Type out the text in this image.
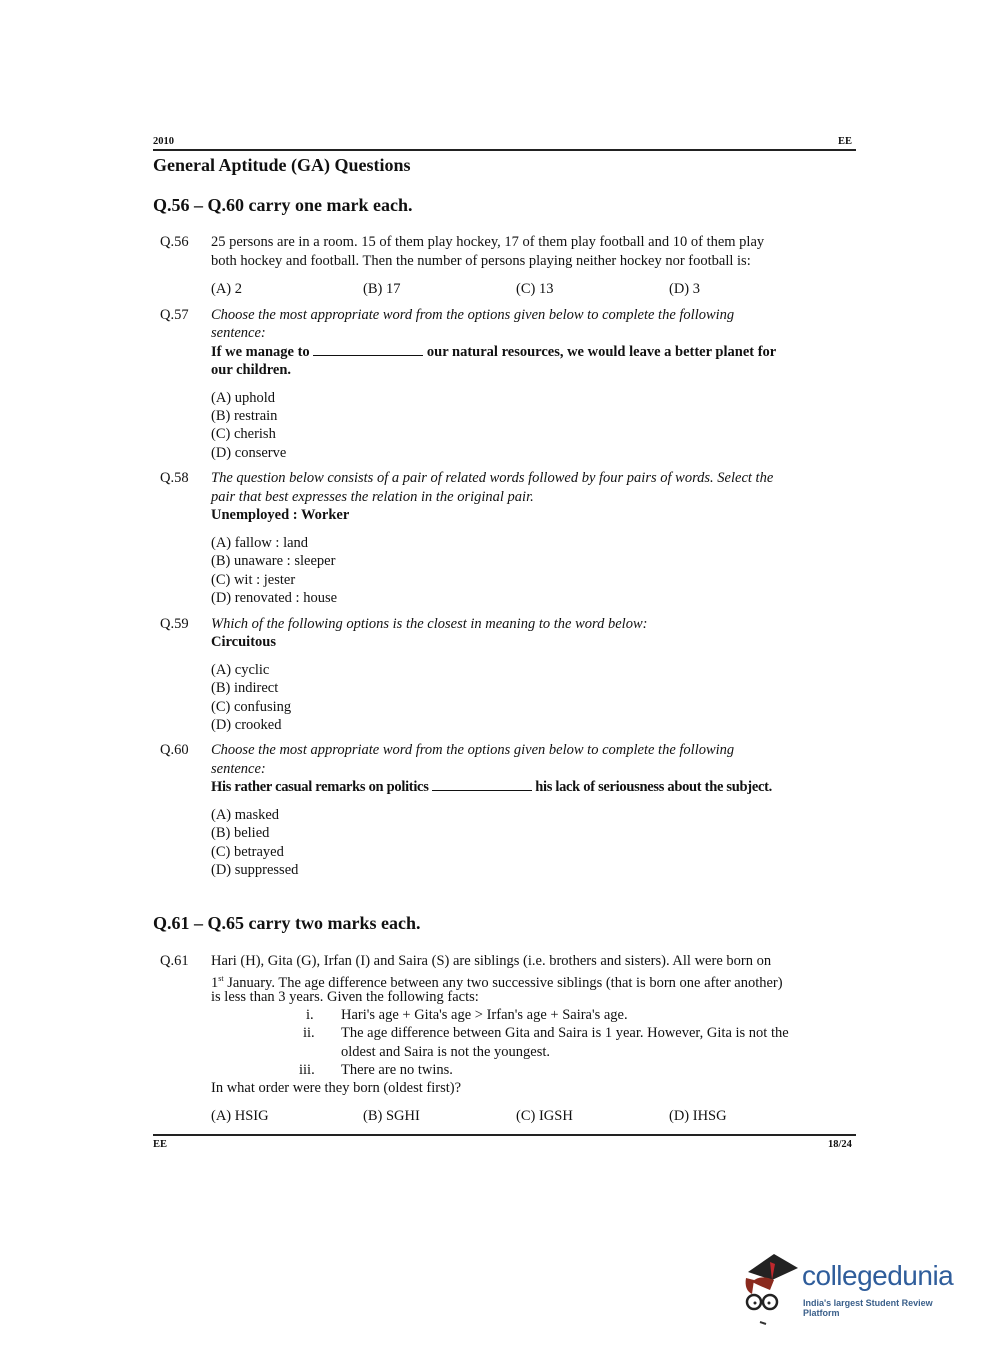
2010	EE
General Aptitude (GA) Questions
Q.56 – Q.60 carry one mark each.
Q.56 25 persons are in a room. 15 of them play hockey, 17 of them play football and 10 of them play
both hockey and football. Then the number of persons playing neither hockey nor football is:
(A) 2	(B) 17	(C) 13	(D) 3
Q.57 Choose the most appropriate word from the options given below to complete the following
sentence:
If we manage to	our natural resources, we would leave a better planet for
our children.
(A) uphold
(B) restrain
(C) cherish
(D) conserve
Q.58 The question below consists of a pair of related words followed by four pairs of words. Select the
pair that best expresses the relation in the original pair.
Unemployed : Worker
(A) fallow : land
(B) unaware : sleeper
(C) wit : jester
(D) renovated : house
Q.59 Which of the following options is the closest in meaning to the word below:
Circuitous
(A) cyclic
(B) indirect
(C) confusing
(D) crooked
Q.60 Choose the most appropriate word from the options given below to complete the following
sentence:
His rather casual remarks on politics	his lack of seriousness about the subject.
(A) masked
(B) belied
(C) betrayed
(D) suppressed
Q.61 – Q.65 carry two marks each.
Q.61 Hari (H), Gita (G), Irfan (I) and Saira (S) are siblings (i.e. brothers and sisters). All were born on
1st January. The age difference between any two successive siblings (that is born one after another)
is less than 3 years. Given the following facts:
i. Hari's age + Gita's age > Irfan's age + Saira's age.
ii. The age difference between Gita and Saira is 1 year. However, Gita is not the
oldest and Saira is not the youngest.
iii. There are no twins.
In what order were they born (oldest first)?
(A) HSIG	(B) SGHI	(C) IGSH	(D) IHSG
EE	18/24
collegedunia
India's largest Student Review Platform
